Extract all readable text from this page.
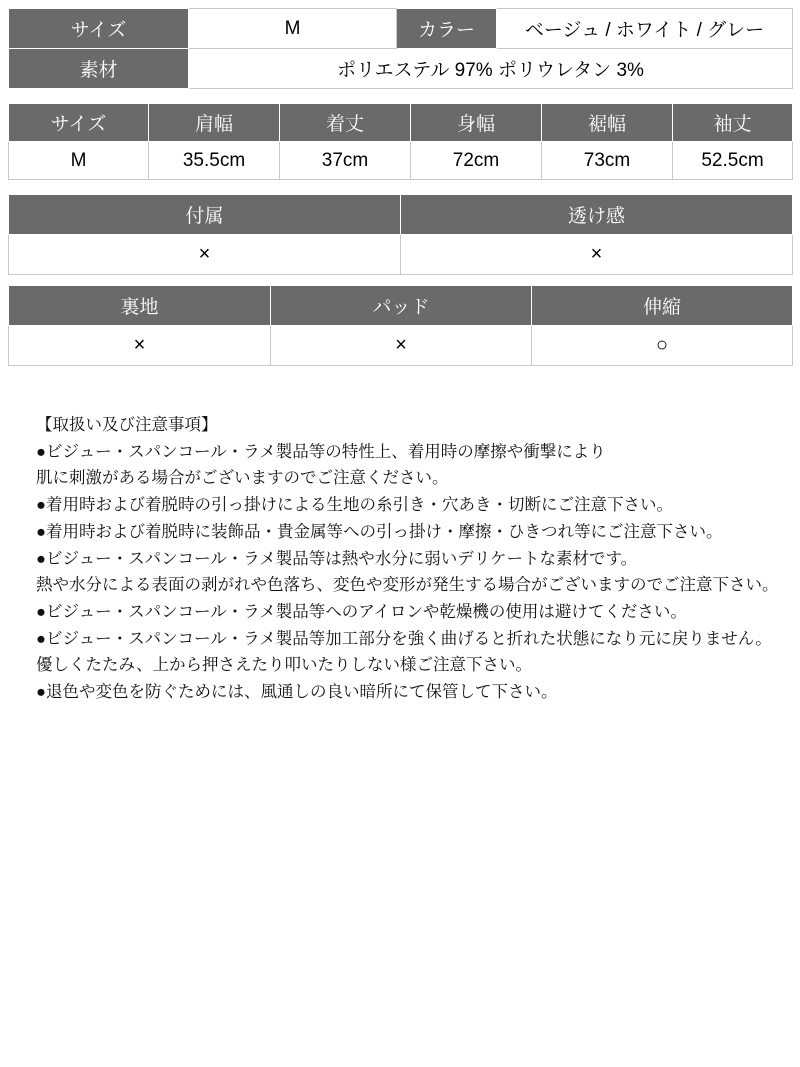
サイズ	M	カラー	ベージュ / ホワイト / グレー
素材	ポリエステル 97% ポリウレタン 3%		
サイズ	肩幅	着丈	身幅	裾幅	袖丈
M	35.5cm	37cm	72cm	73cm	52.5cm
付属	透け感
×	×
裏地	パッド	伸縮
×	×	○

【取扱い及び注意事項】

●ビジュー・スパンコール・ラメ製品等の特性上、着用時の摩擦や衝撃により

肌に刺激がある場合がございますのでご注意ください。

●着用時および着脱時の引っ掛けによる生地の糸引き・穴あき・切断にご注意下さい。

●着用時および着脱時に装飾品・貴金属等への引っ掛け・摩擦・ひきつれ等にご注意下さい。

●ビジュー・スパンコール・ラメ製品等は熱や水分に弱いデリケートな素材です。

熱や水分による表面の剥がれや色落ち、変色や変形が発生する場合がございますのでご注意下さい。

●ビジュー・スパンコール・ラメ製品等へのアイロンや乾燥機の使用は避けてください。

●ビジュー・スパンコール・ラメ製品等加工部分を強く曲げると折れた状態になり元に戻りません。

優しくたたみ、上から押さえたり叩いたりしない様ご注意下さい。

●退色や変色を防ぐためには、風通しの良い暗所にて保管して下さい。
